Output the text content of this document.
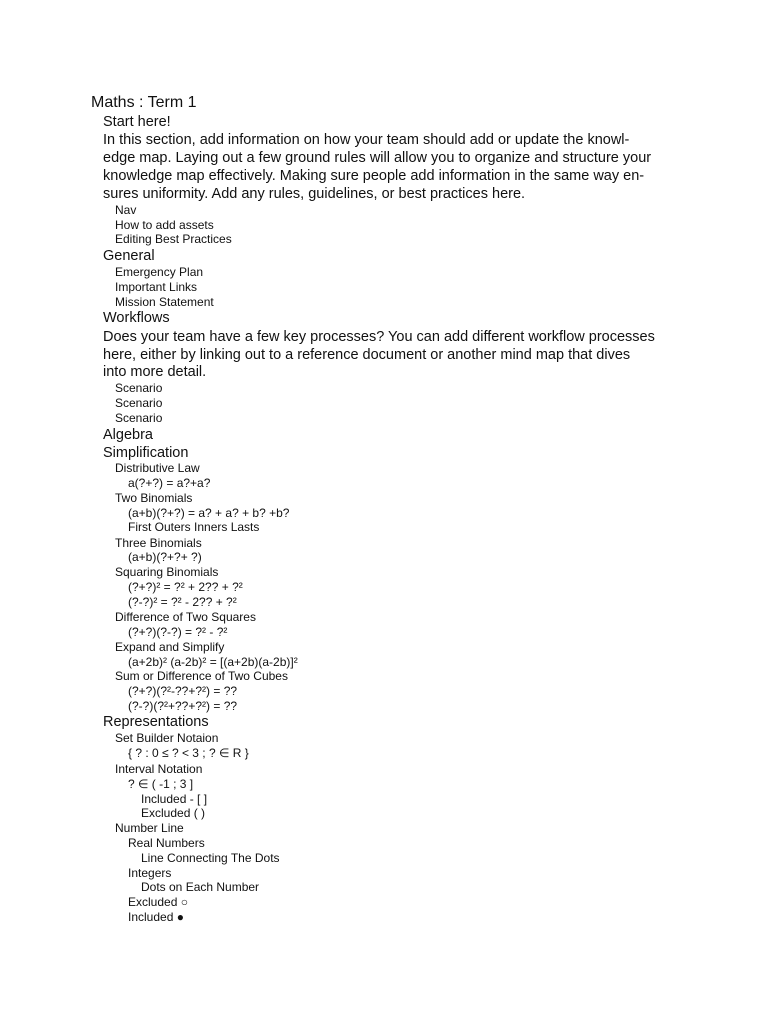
Maths : Term 1
Start here!
In this section, add information on how your team should add or update the knowl-
edge map. Laying out a few ground rules will allow you to organize and structure your
knowledge map effectively. Making sure people add information in the same way en-
sures uniformity. Add any rules, guidelines, or best practices here.
Nav
How to add assets
Editing Best Practices
General
Emergency Plan
Important Links
Mission Statement
Workflows
Does your team have a few key processes? You can add different workflow processes
here, either by linking out to a reference document or another mind map that dives
into more detail.
Scenario
Scenario
Scenario
Algebra
Simplification
Distributive Law
a(?+?) = a?+a?
Two Binomials
(a+b)(?+?) = a? + a? + b? +b?
First Outers Inners Lasts
Three Binomials
(a+b)(?+?+ ?)
Squaring Binomials
(?+?)² = ?² + 2?? + ?²
(?-?)² = ?² - 2?? + ?²
Difference of Two Squares
(?+?)(?-?) = ?² - ?²
Expand and Simplify
(a+2b)² (a-2b)² = [(a+2b)(a-2b)]²
Sum or Difference of Two Cubes
(?+?)(?²-??+?²) = ??
(?-?)(?²+??+?²) = ??
Representations
Set Builder Notaion
{ ? : 0 ≤ ? < 3 ; ? ∈ R }
Interval Notation
? ∈ ( -1 ; 3 ]
Included - [ ]
Excluded ( )
Number Line
Real Numbers
Line Connecting The Dots
Integers
Dots on Each Number
Excluded ○
Included ●
